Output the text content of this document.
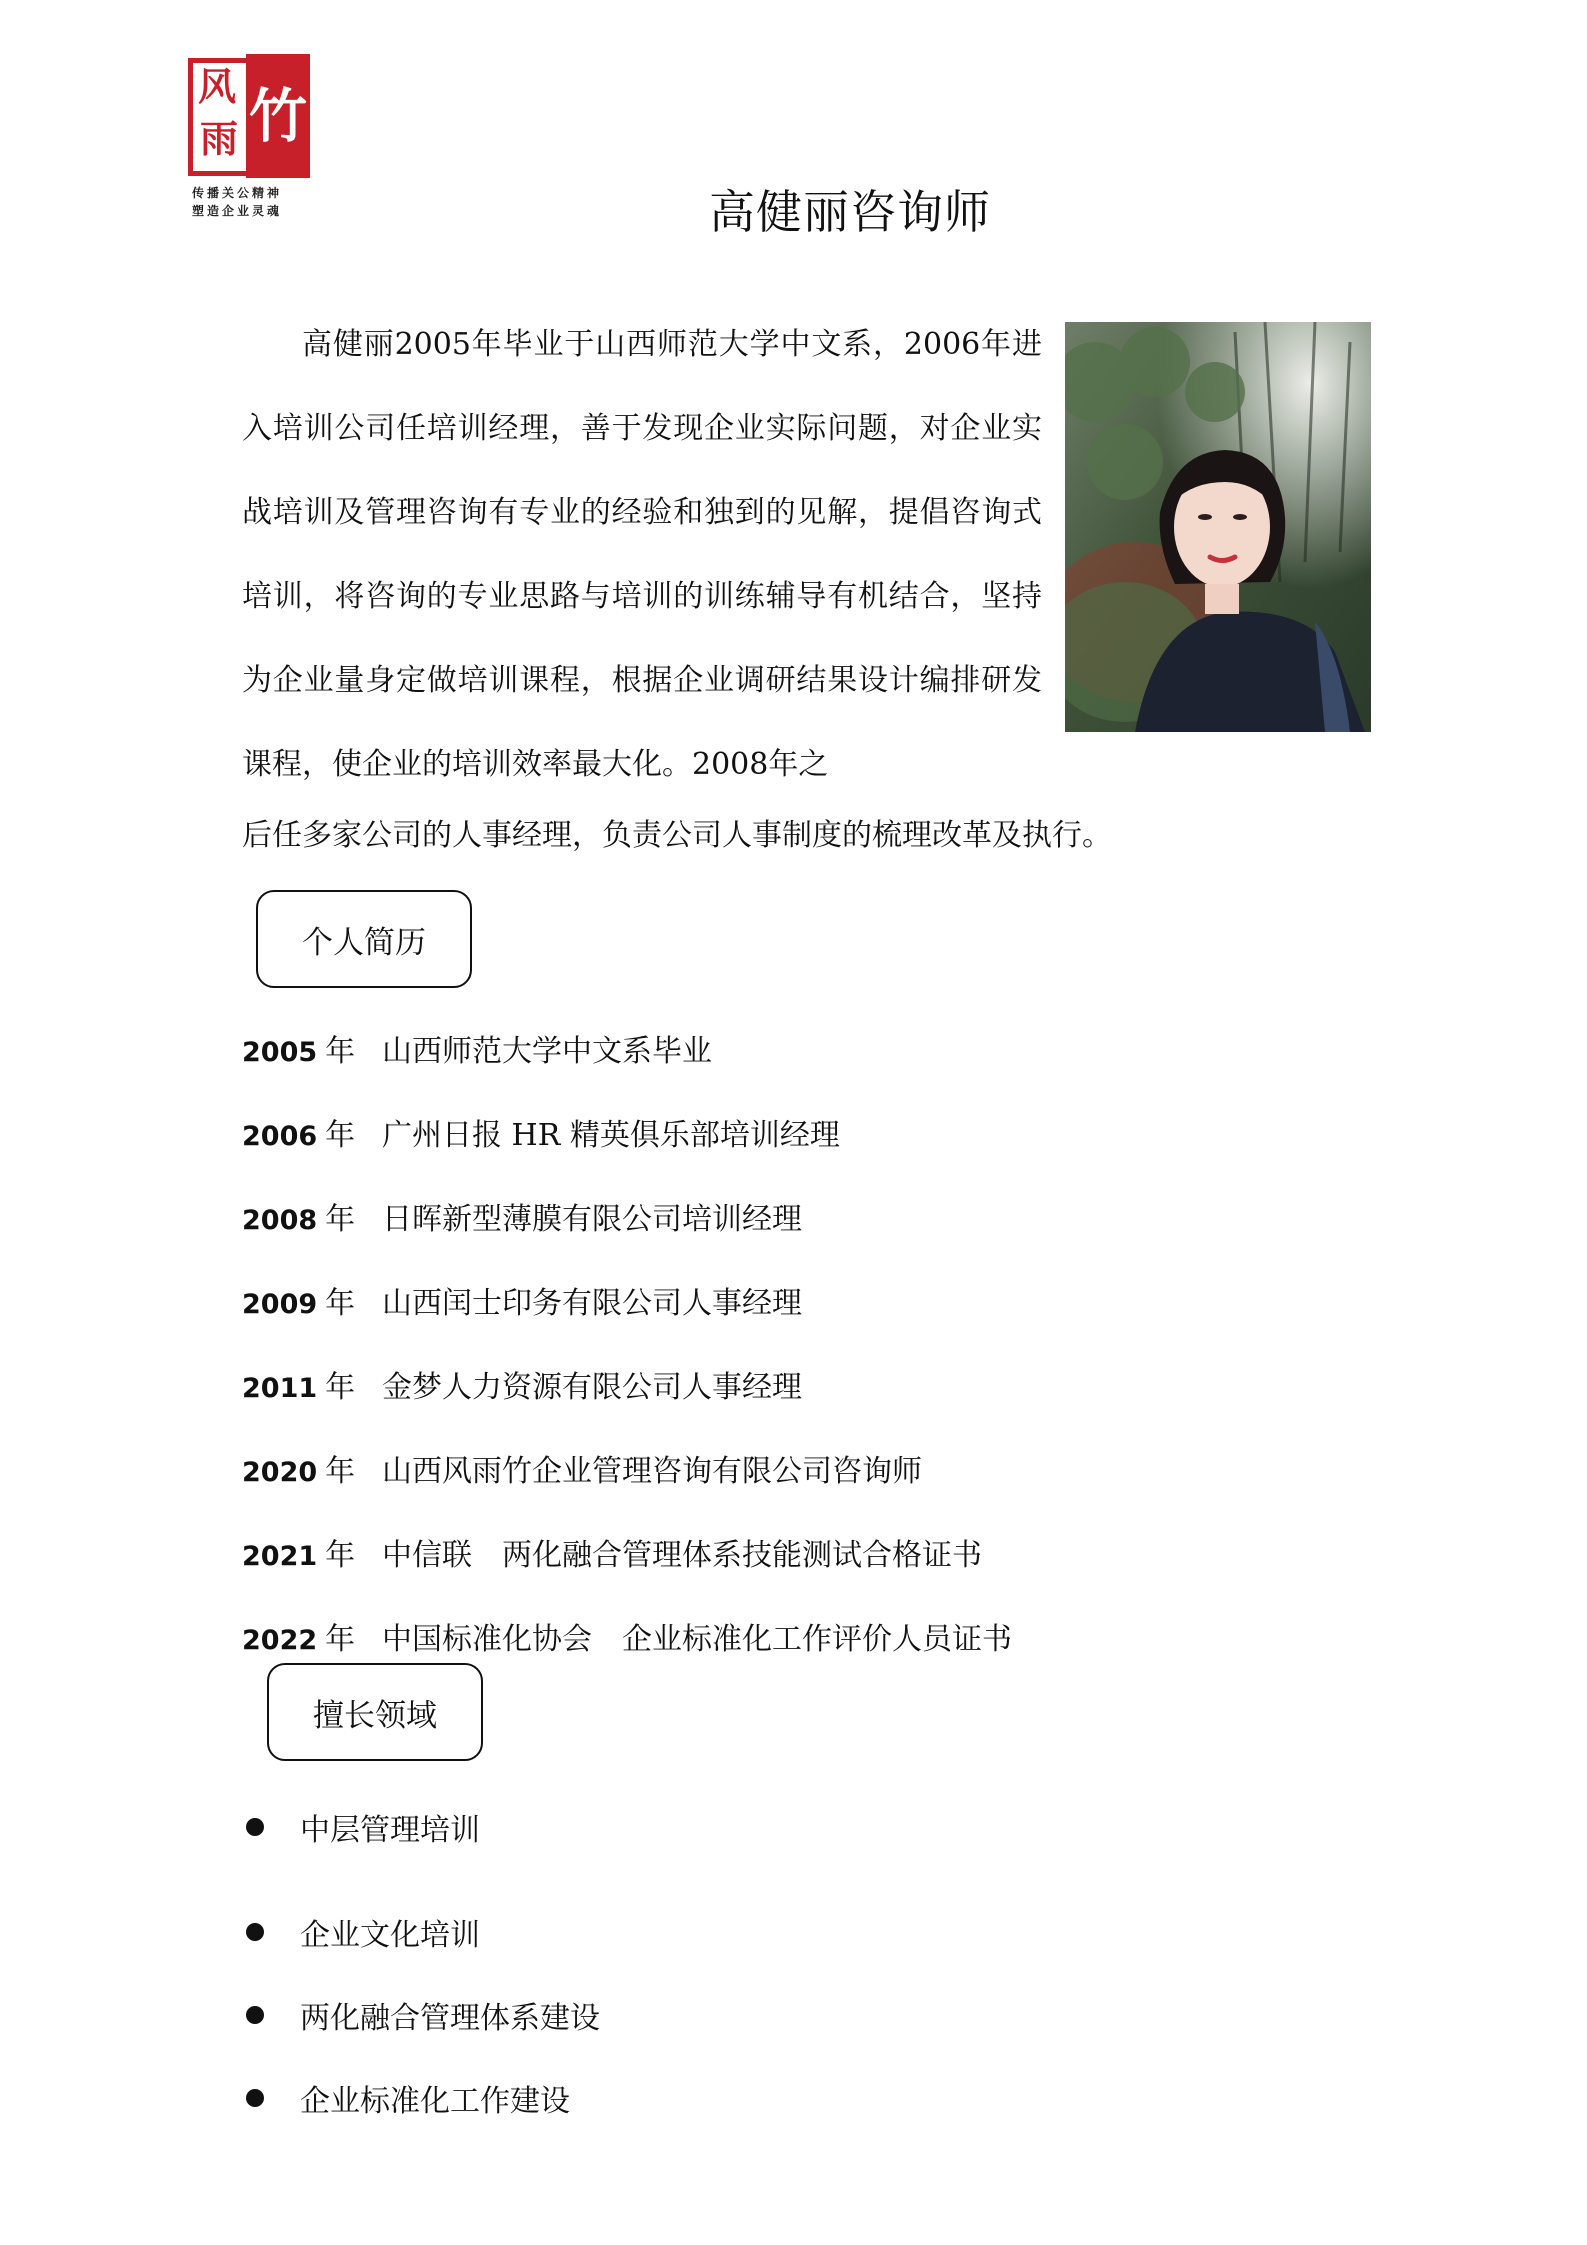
风
雨 竹
传播关公精神
塑造企业灵魂	高健丽咨询师

高健丽2005年毕业于山西师范大学中文系，2006年进入培训公司任培训经理，善于发现企业实际问题，对企业实战培训及管理咨询有专业的经验和独到的见解，提倡咨询式培训，将咨询的专业思路与培训的训练辅导有机结合，坚持为企业量身定做培训课程，根据企业调研结果设计编排研发课程，使企业的培训效率最大化。2008年之

后任多家公司的人事经理，负责公司人事制度的梳理改革及执行。

个人简历
2005 年 山西师范大学中文系毕业
2006 年 广州日报 HR 精英俱乐部培训经理
2008 年 日晖新型薄膜有限公司培训经理
2009 年 山西闰士印务有限公司人事经理
2011 年 金梦人力资源有限公司人事经理
2020 年 山西风雨竹企业管理咨询有限公司咨询师
2021 年 中信联　两化融合管理体系技能测试合格证书
2022 年 中国标准化协会　企业标准化工作评价人员证书
擅长领域
中层管理培训
企业文化培训
两化融合管理体系建设
企业标准化工作建设
